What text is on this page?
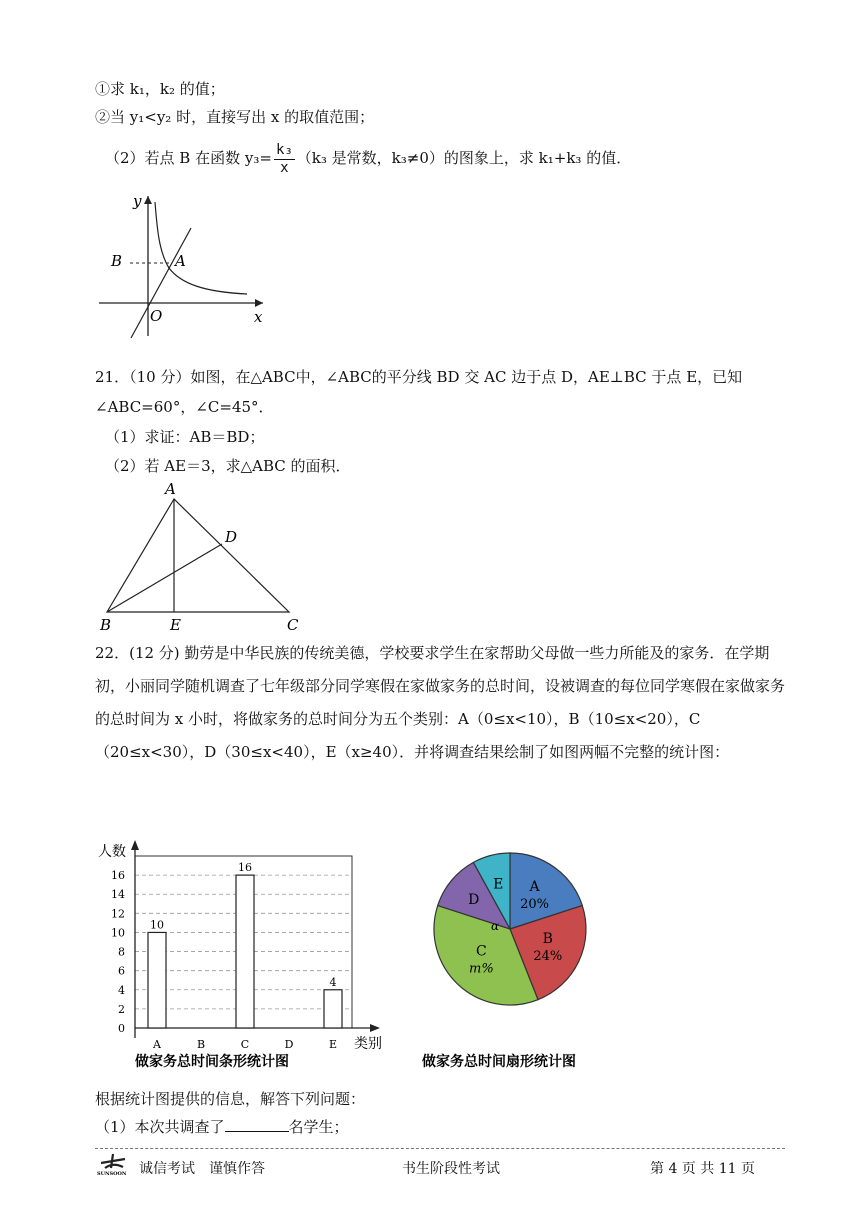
①求 k₁，k₂ 的值；
②当 y₁<y₂ 时，直接写出 x 的取值范围；
（2）若点 B 在函数 $y_3= \frac{\text{k₃}}{x} (k_3$ 是常数，k₃≠0）的图象上，求 k₁+k₃ 的值．
B	A
y
x
O
21．（10 分）如图，在△ABC中，∠ABC的平分线 BD 交 AC 边于点 D，AE⊥BC 于点 E，已知
∠ABC=60°，∠C=45°．
（1）求证：AB＝BD；
（2）若 AE＝3，求△ABC 的面积．
A
B	C
D
E
22．(12 分) 勤劳是中华民族的传统美德，学校要求学生在家帮助父母做一些力所能及的家务．在学期初，小丽同学随机调查了七年级部分同学寒假在家做家务的总时间，设被调查的每位同学寒假在家做家务的总时间为 x 小时，将做家务的总时间分为五个类别：A（0≤x<10），B（10≤x<20），C（20≤x<30），D（30≤x<40），E（x≥40）．并将调查结果绘制了如图两幅不完整的统计图：
0
2
4
6
8
10
12
14
16
人数
类别
A
10
B	C
16
D	E
4
做家务总时间条形统计图
A
20%
B
24%
C
m%
D
E
α
做家务总时间扇形统计图
根据统计图提供的信息，解答下列问题：
（1）本次共调查了	名学生；
SUNSOON 诚信考试　谨慎作答	书生阶段性考试	第 4 页 共 11 页
